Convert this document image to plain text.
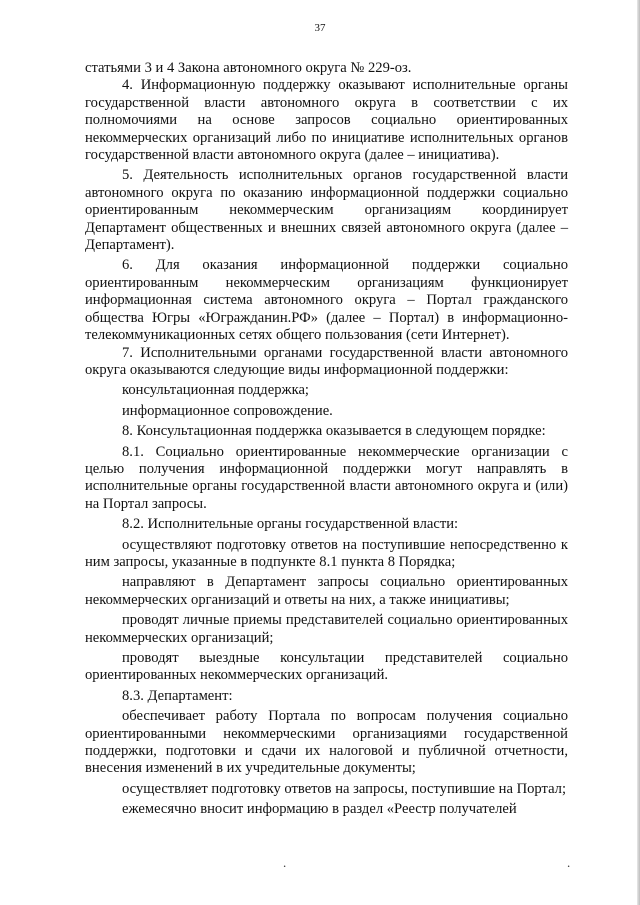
37

статьями 3 и 4 Закона автономного округа № 229-оз.

4. Информационную поддержку оказывают исполнительные органы государственной власти автономного округа в соответствии с их полномочиями на основе запросов социально ориентированных некоммерческих организаций либо по инициативе исполнительных органов государственной власти автономного округа (далее – инициатива).

5. Деятельность исполнительных органов государственной власти автономного округа по оказанию информационной поддержки социально ориентированным некоммерческим организациям координирует Департамент общественных и внешних связей автономного округа (далее – Департамент).

6. Для оказания информационной поддержки социально ориентированным некоммерческим организациям функционирует информационная система автономного округа – Портал гражданского общества Югры «Югражданин.РФ» (далее – Портал) в информационно-телекоммуникационных сетях общего пользования (сети Интернет).

7. Исполнительными органами государственной власти автономного округа оказываются следующие виды информационной поддержки:

консультационная поддержка;

информационное сопровождение.

8. Консультационная поддержка оказывается в следующем порядке:

8.1. Социально ориентированные некоммерческие организации с целью получения информационной поддержки могут направлять в исполнительные органы государственной власти автономного округа и (или) на Портал запросы.

8.2. Исполнительные органы государственной власти:

осуществляют подготовку ответов на поступившие непосредственно к ним запросы, указанные в подпункте 8.1 пункта 8 Порядка;

направляют в Департамент запросы социально ориентированных некоммерческих организаций и ответы на них, а также инициативы;

проводят личные приемы представителей социально ориентированных некоммерческих организаций;

проводят выездные консультации представителей социально ориентированных некоммерческих организаций.

8.3. Департамент:

обеспечивает работу Портала по вопросам получения социально ориентированными некоммерческими организациями государственной поддержки, подготовки и сдачи их налоговой и публичной отчетности, внесения изменений в их учредительные документы;

осуществляет подготовку ответов на запросы, поступившие на Портал;

ежемесячно вносит информацию в раздел «Реестр получателей

.	.
